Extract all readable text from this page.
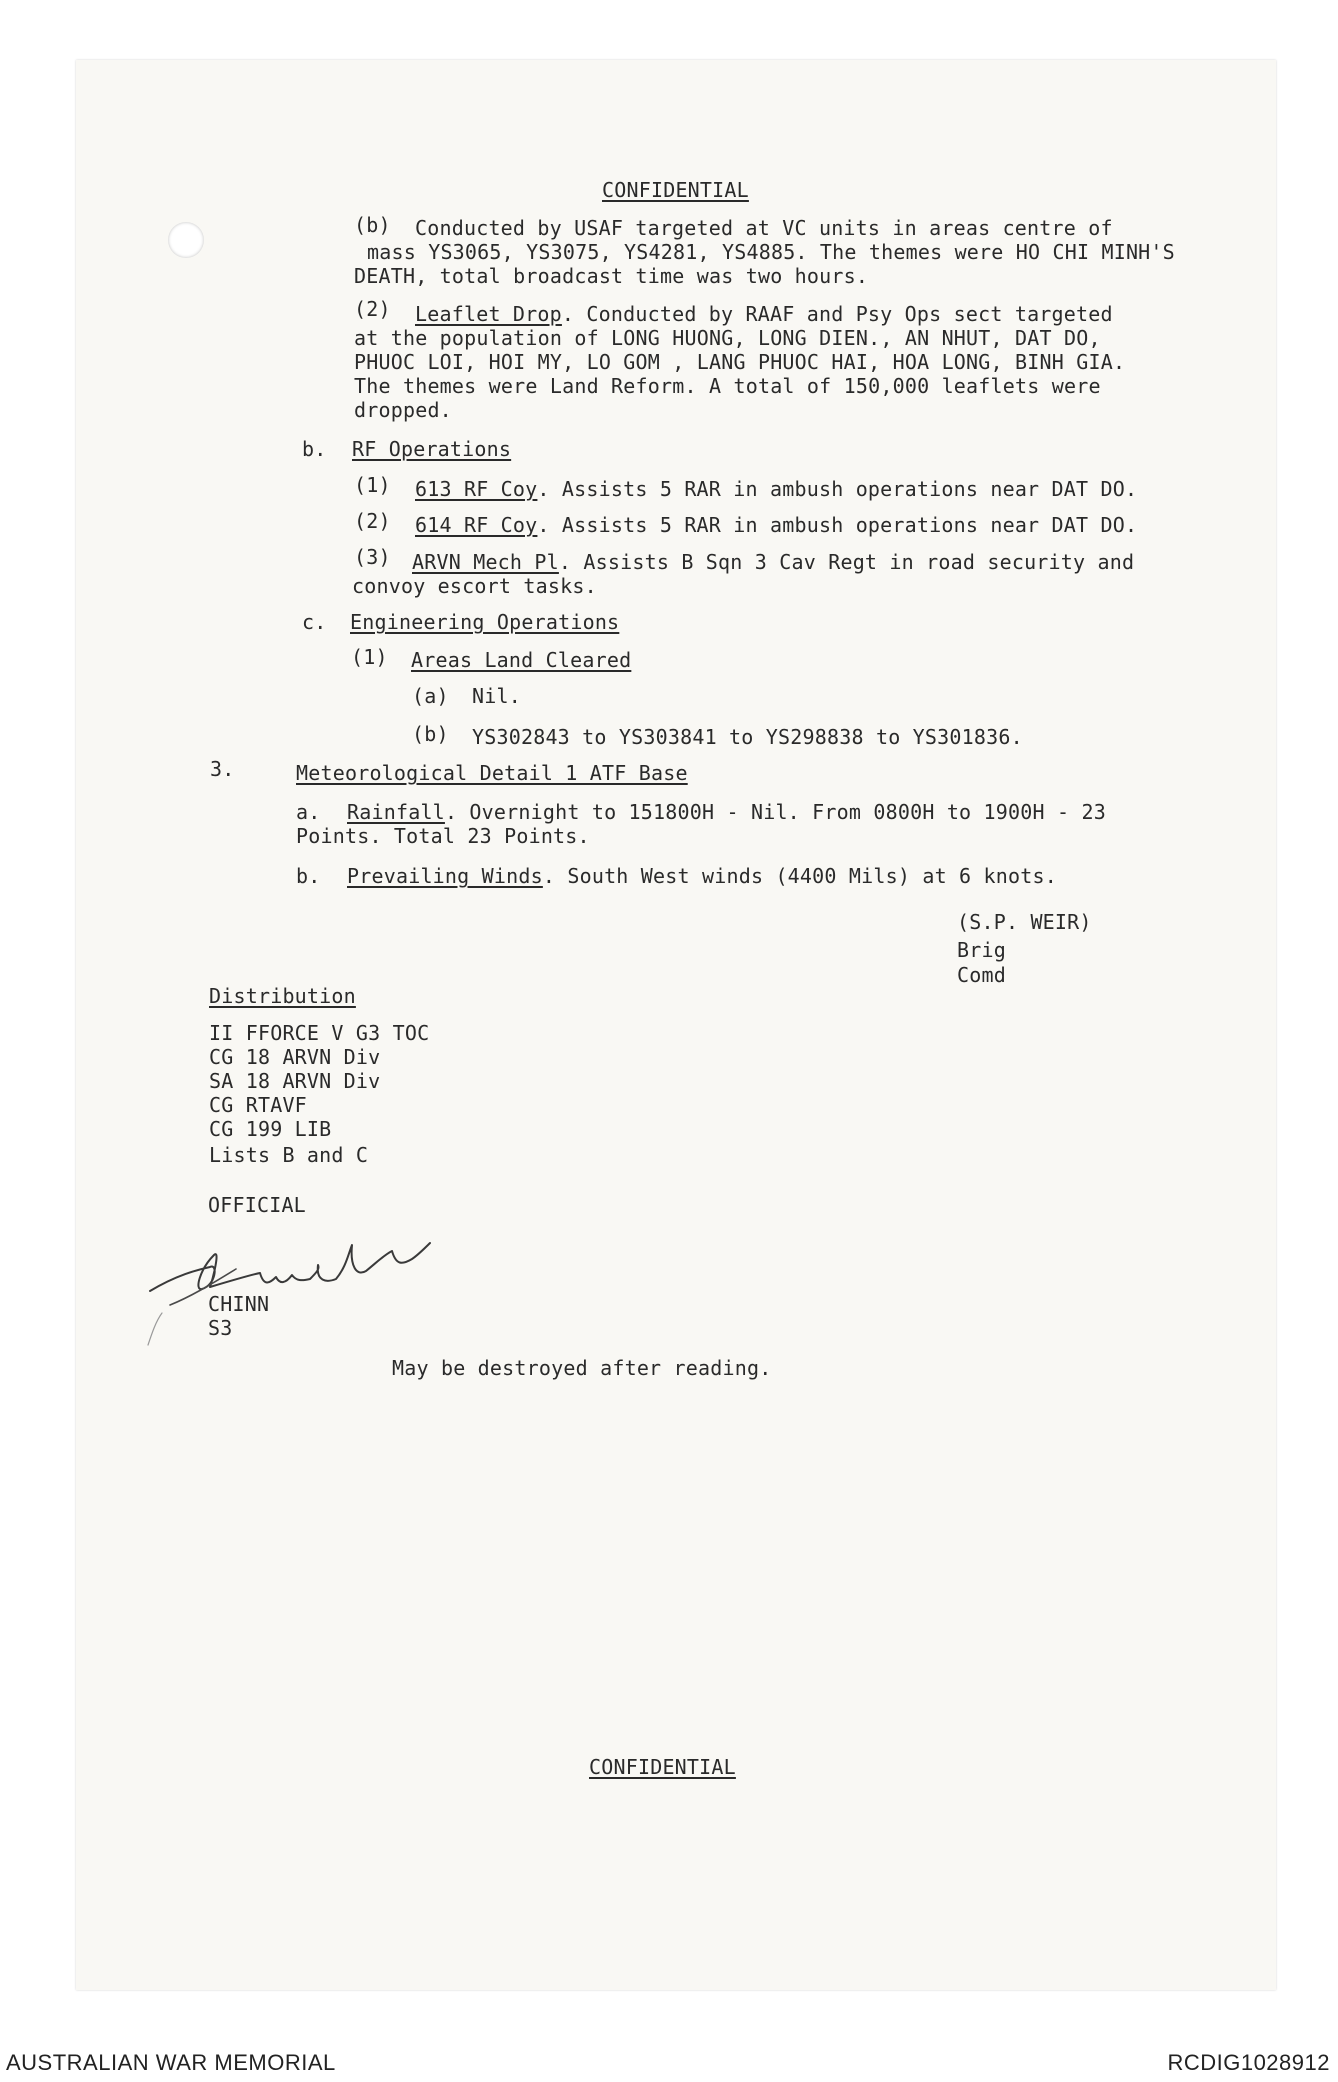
CONFIDENTIAL
(b) Conducted by USAF targeted at VC units in areas centre of
mass YS3065, YS3075, YS4281, YS4885. The themes were HO CHI MINH'S
DEATH, total broadcast time was two hours.
(2) Leaflet Drop. Conducted by RAAF and Psy Ops sect targeted
at the population of LONG HUONG, LONG DIEN., AN NHUT, DAT DO,
PHUOC LOI, HOI MY, LO GOM , LANG PHUOC HAI, HOA LONG, BINH GIA.
The themes were Land Reform. A total of 150,000 leaflets were
dropped.
b. RF Operations
(1) 613 RF Coy. Assists 5 RAR in ambush operations near DAT DO.
(2) 614 RF Coy. Assists 5 RAR in ambush operations near DAT DO.
(3) ARVN Mech Pl. Assists B Sqn 3 Cav Regt in road security and
convoy escort tasks.
c. Engineering Operations
(1) Areas Land Cleared
(a) Nil.
(b) YS302843 to YS303841 to YS298838 to YS301836.
3.	Meteorological Detail 1 ATF Base
a. Rainfall. Overnight to 151800H - Nil. From 0800H to 1900H - 23
Points. Total 23 Points.
b. Prevailing Winds. South West winds (4400 Mils) at 6 knots.
(S.P. WEIR)
Brig
Comd
Distribution
II FFORCE V G3 TOC
CG 18 ARVN Div
SA 18 ARVN Div
CG RTAVF
CG 199 LIB
Lists B and C
OFFICIAL
CHINN
S3
May be destroyed after reading.
CONFIDENTIAL
AUSTRALIAN WAR MEMORIAL	RCDIG1028912
